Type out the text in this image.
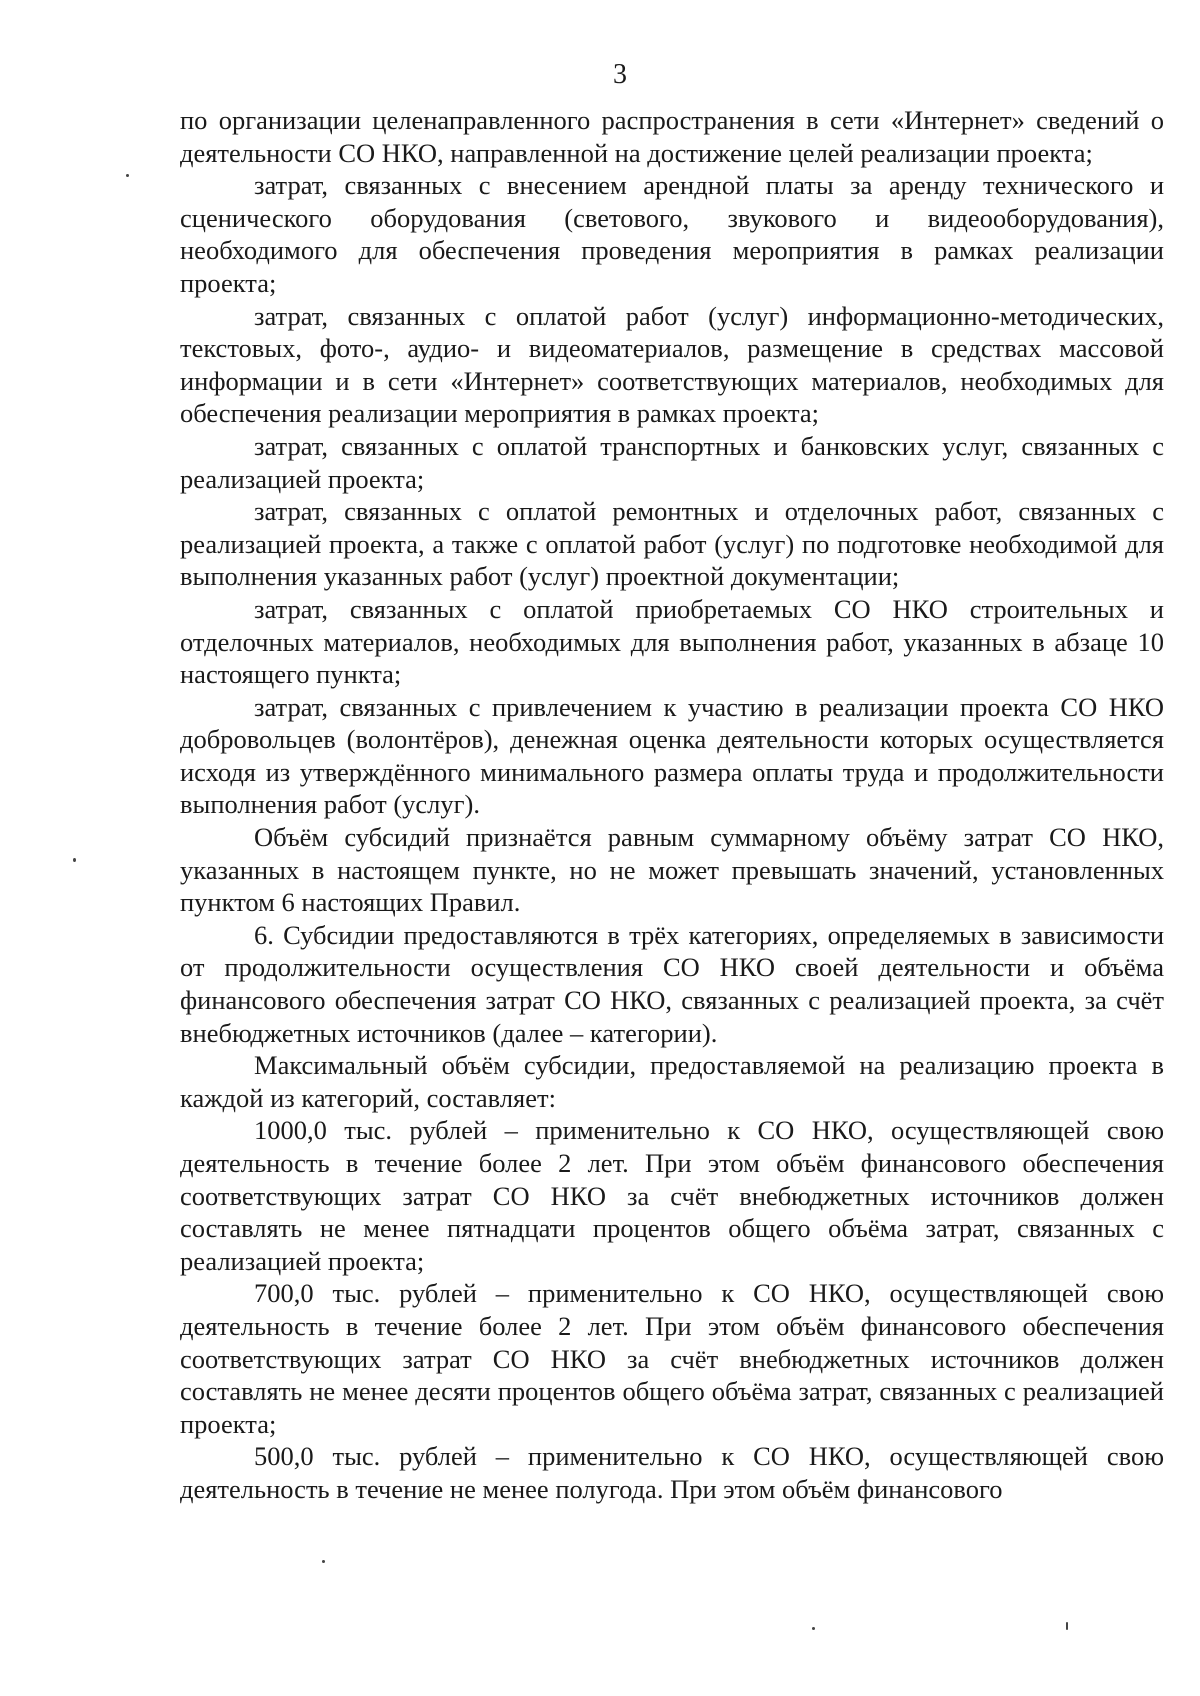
3

по организации целенаправленного распространения в сети «Интернет» сведений о деятельности СО НКО, направленной на достижение целей реализации проекта;

затрат, связанных с внесением арендной платы за аренду технического и сценического оборудования (светового, звукового и видеооборудования), необходимого для обеспечения проведения мероприятия в рамках реализации проекта;

затрат, связанных с оплатой работ (услуг) информационно-методических, текстовых, фото-, аудио- и видеоматериалов, размещение в средствах массовой информации и в сети «Интернет» соответствующих материалов, необходимых для обеспечения реализации мероприятия в рамках проекта;

затрат, связанных с оплатой транспортных и банковских услуг, связанных с реализацией проекта;

затрат, связанных с оплатой ремонтных и отделочных работ, связанных с реализацией проекта, а также с оплатой работ (услуг) по подготовке необходимой для выполнения указанных работ (услуг) проектной документации;

затрат, связанных с оплатой приобретаемых СО НКО строительных и отделочных материалов, необходимых для выполнения работ, указанных в абзаце 10 настоящего пункта;

затрат, связанных с привлечением к участию в реализации проекта СО НКО добровольцев (волонтёров), денежная оценка деятельности которых осуществляется исходя из утверждённого минимального размера оплаты труда и продолжительности выполнения работ (услуг).

Объём субсидий признаётся равным суммарному объёму затрат СО НКО, указанных в настоящем пункте, но не может превышать значений, установленных пунктом 6 настоящих Правил.

6. Субсидии предоставляются в трёх категориях, определяемых в зависимости от продолжительности осуществления СО НКО своей деятельности и объёма финансового обеспечения затрат СО НКО, связанных с реализацией проекта, за счёт внебюджетных источников (далее – категории).

Максимальный объём субсидии, предоставляемой на реализацию проекта в каждой из категорий, составляет:

1000,0 тыс. рублей – применительно к СО НКО, осуществляющей свою деятельность в течение более 2 лет. При этом объём финансового обеспечения соответствующих затрат СО НКО за счёт внебюджетных источников должен составлять не менее пятнадцати процентов общего объёма затрат, связанных с реализацией проекта;

700,0 тыс. рублей – применительно к СО НКО, осуществляющей свою деятельность в течение более 2 лет. При этом объём финансового обеспечения соответствующих затрат СО НКО за счёт внебюджетных источников должен составлять не менее десяти процентов общего объёма затрат, связанных с реализацией проекта;

500,0 тыс. рублей – применительно к СО НКО, осуществляющей свою деятельность в течение не менее полугода. При этом объём финансового
